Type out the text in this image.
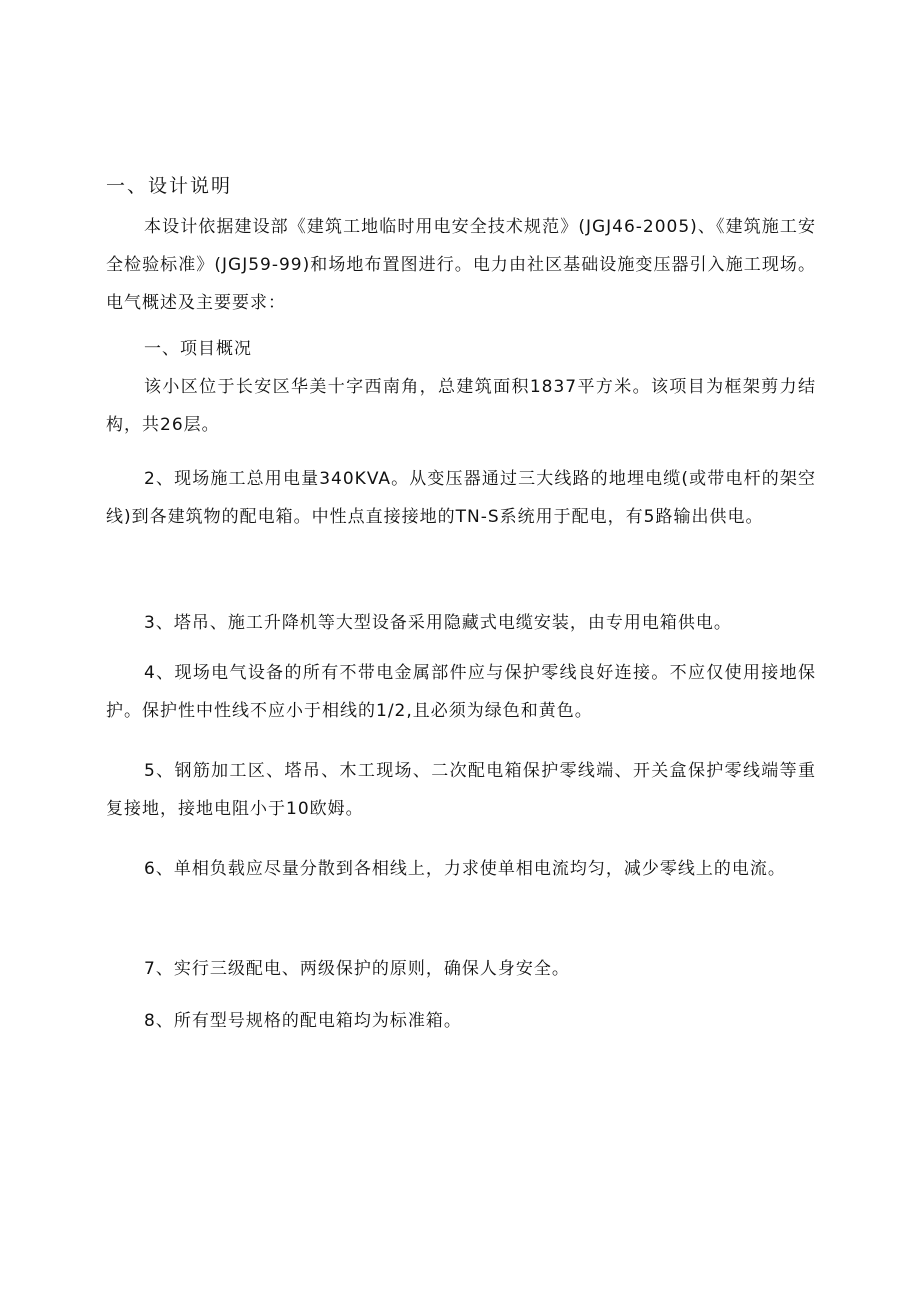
一、设计说明
本设计依据建设部《建筑工地临时用电安全技术规范》(JGJ46-2005)、《建筑施工安全检验标准》(JGJ59-99)和场地布置图进行。电力由社区基础设施变压器引入施工现场。电气概述及主要要求：
一、项目概况
该小区位于长安区华美十字西南角，总建筑面积1837平方米。该项目为框架剪力结构，共26层。
2、现场施工总用电量340KVA。从变压器通过三大线路的地埋电缆(或带电杆的架空线)到各建筑物的配电箱。中性点直接接地的TN-S系统用于配电，有5路输出供电。
3、塔吊、施工升降机等大型设备采用隐藏式电缆安装，由专用电箱供电。
4、现场电气设备的所有不带电金属部件应与保护零线良好连接。不应仅使用接地保护。保护性中性线不应小于相线的1/2,且必须为绿色和黄色。
5、钢筋加工区、塔吊、木工现场、二次配电箱保护零线端、开关盒保护零线端等重复接地，接地电阻小于10欧姆。
6、单相负载应尽量分散到各相线上，力求使单相电流均匀，减少零线上的电流。
7、实行三级配电、两级保护的原则，确保人身安全。
8、所有型号规格的配电箱均为标准箱。
